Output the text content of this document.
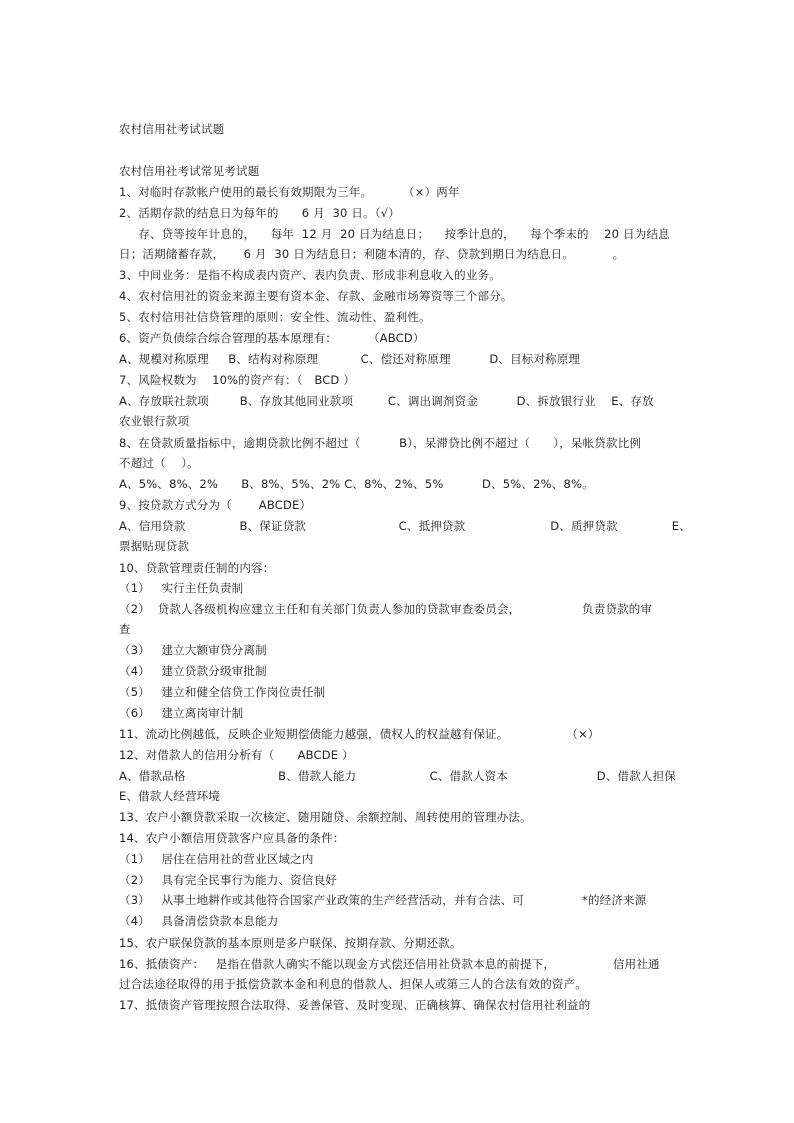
农村信用社考试试题
农村信用社考试常见考试题
1、对临时存款帐户使用的最长有效期限为三年。        （×）两年
2、活期存款的结息日为每年的      6 月  30 日。（√）
存、贷等按年计息的，    每年  12 月  20 日为结息日；    按季计息的，    每个季末的    20 日为结息
日；活期储蓄存款，     6 月  30 日为结息日；利随本清的，存、贷款到期日为结息日。          。
3、中间业务：是指不构成表内资产、表内负责、形成非利息收入的业务。
4、农村信用社的资金来源主要有资本金、存款、金融市场筹资等三个部分。
5、农村信用社信贷管理的原则：安全性、流动性、盈利性。
6、资产负债综合综合管理的基本原理有：        （ABCD）
A、规模对称原理     B、结构对称原理           C、偿还对称原理          D、目标对称原理
7、风险权数为    10%的资产有：（   BCD ）
A、存放联社款项        B、存放其他同业款项         C、调出调剂资金          D、拆放银行业    E、存放
农业银行款项
8、在贷款质量指标中，逾期贷款比例不超过（          B），呆滞贷比例不超过（      ），呆帐贷款比例
不超过（    ）。
A、5%、8%、2%      B、8%、5%、2% C、8%、2%、5%          D、5%、2%、8%。
9、按贷款方式分为（       ABCDE）
A、信用贷款              B、保证贷款                        C、抵押贷款                      D、质押贷款              E、
票据贴现贷款
10、贷款管理责任制的内容：
（1）   实行主任负责制
（2）  贷款人各级机构应建立主任和有关部门负责人参加的贷款审查委员会，                负责贷款的审
查
（3）   建立大额审贷分离制
（4）   建立贷款分级审批制
（5）   建立和健全信贷工作岗位责任制
（6）   建立离岗审计制
11、流动比例越低，反映企业短期偿债能力越强，债权人的权益越有保证。               （×）
12、对借款人的信用分析有（      ABCDE ）
A、借款品格                        B、借款人能力                   C、借款人资本                       D、借款人担保
E、借款人经营环境
13、农户小额贷款采取一次核定、随用随贷、余额控制、周转使用的管理办法。
14、农户小额信用贷款客户应具备的条件：
（1）   居住在信用社的营业区域之内
（2）   具有完全民事行为能力、资信良好
（3）   从事土地耕作或其他符合国家产业政策的生产经营活动，并有合法、可               *的经济来源
（4）   具备清偿贷款本息能力
15、农户联保贷款的基本原则是多户联保、按期存款、分期还款。
16、抵债资产：   是指在借款人确实不能以现金方式偿还信用社贷款本息的前提下，               信用社通
过合法途径取得的用于抵偿贷款本金和利息的借款人、担保人或第三人的合法有效的资产。
17、抵债资产管理按照合法取得、妥善保管、及时变现、正确核算、确保农村信用社利益的
